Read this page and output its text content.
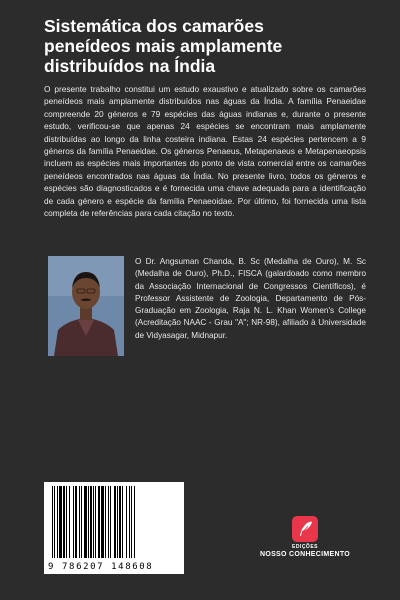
Sistemática dos camarões
peneídeos mais amplamente
distribuídos na Índia

O presente trabalho constitui um estudo exaustivo e atualizado sobre os camarões peneídeos mais amplamente distribuídos nas águas da Índia. A família Penaeidae compreende 20 géneros e 79 espécies das águas indianas e, durante o presente estudo, verificou-se que apenas 24 espécies se encontram mais amplamente distribuídas ao longo da linha costeira indiana. Estas 24 espécies pertencem a 9 géneros da família Penaeidae. Os géneros Penaeus, Metapenaeus e Metapenaeopsis incluem as espécies mais importantes do ponto de vista comercial entre os camarões peneídeos encontrados nas águas da Índia. No presente livro, todos os géneros e espécies são diagnosticados e é fornecida uma chave adequada para a identificação de cada género e espécie da família Penaeoidae. Por último, foi fornecida uma lista completa de referências para cada citação no texto.

O Dr. Angsuman Chanda, B. Sc (Medalha de Ouro), M. Sc (Medalha de Ouro), Ph.D., FISCA (galardoado como membro da Associação Internacional de Congressos Científicos), é Professor Assistente de Zoologia, Departamento de Pós-Graduação em Zoologia, Raja N. L. Khan Women's College (Acreditação NAAC - Grau "A"; NR-98), afiliado à Universidade de Vidyasagar, Midnapur.

9 786207 148608
EDIÇÕES
NOSSO CONHECIMENTO
